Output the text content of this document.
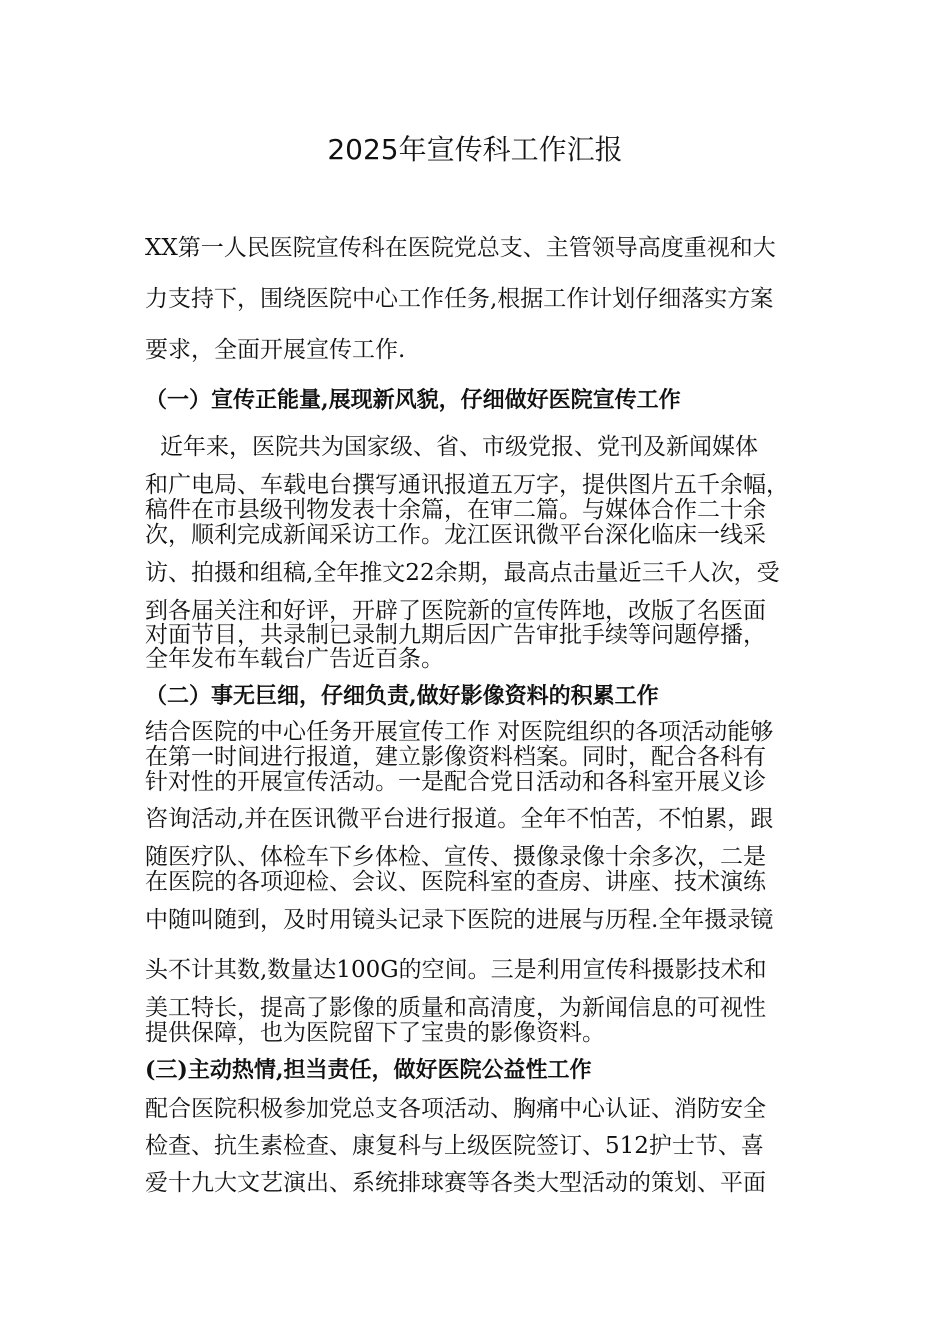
2025年宣传科工作汇报
XX第一人民医院宣传科在医院党总支、主管领导高度重视和大
力支持下，围绕医院中心工作任务,根据工作计划仔细落实方案
要求，全面开展宣传工作.
（一）宣传正能量,展现新风貌，仔细做好医院宣传工作
近年来，医院共为国家级、省、市级党报、党刊及新闻媒体
和广电局、车载电台撰写通讯报道五万字，提供图片五千余幅，
稿件在市县级刊物发表十余篇，在审二篇。与媒体合作二十余
次，顺利完成新闻采访工作。龙江医讯微平台深化临床一线采
访、拍摄和组稿,全年推文22余期，最高点击量近三千人次，受
到各届关注和好评，开辟了医院新的宣传阵地，改版了名医面
对面节目，共录制已录制九期后因广告审批手续等问题停播，
全年发布车载台广告近百条。
（二）事无巨细，仔细负责,做好影像资料的积累工作
结合医院的中心任务开展宣传工作 对医院组织的各项活动能够
在第一时间进行报道，建立影像资料档案。同时，配合各科有
针对性的开展宣传活动。一是配合党日活动和各科室开展义诊
咨询活动,并在医讯微平台进行报道。全年不怕苦，不怕累，跟
随医疗队、体检车下乡体检、宣传、摄像录像十余多次，二是
在医院的各项迎检、会议、医院科室的查房、讲座、技术演练
中随叫随到，及时用镜头记录下医院的进展与历程.全年摄录镜
头不计其数,数量达100G的空间。三是利用宣传科摄影技术和
美工特长，提高了影像的质量和高清度，为新闻信息的可视性
提供保障，也为医院留下了宝贵的影像资料。
(三)主动热情,担当责任，做好医院公益性工作
配合医院积极参加党总支各项活动、胸痛中心认证、消防安全
检查、抗生素检查、康复科与上级医院签订、512护士节、喜
爱十九大文艺演出、系统排球赛等各类大型活动的策划、平面
